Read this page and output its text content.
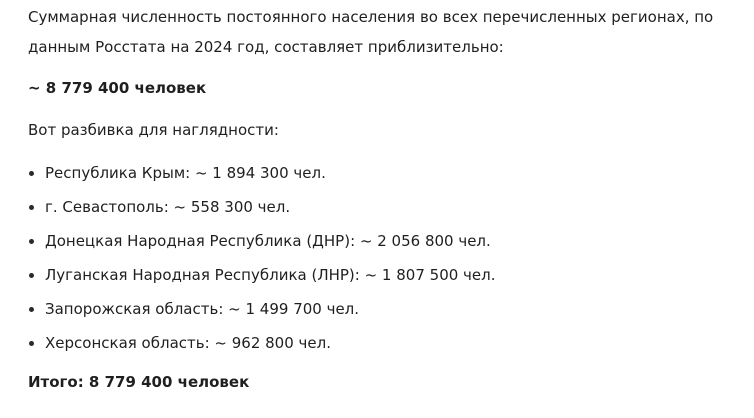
Суммарная численность постоянного населения во всех перечисленных регионах, по данным Росстата на 2024 год, составляет приблизительно:

~ 8 779 400 человек

Вот разбивка для наглядности:

Республика Крым: ~ 1 894 300 чел.
г. Севастополь: ~ 558 300 чел.
Донецкая Народная Республика (ДНР): ~ 2 056 800 чел.
Луганская Народная Республика (ЛНР): ~ 1 807 500 чел.
Запорожская область: ~ 1 499 700 чел.
Херсонская область: ~ 962 800 чел.

Итого: 8 779 400 человек
